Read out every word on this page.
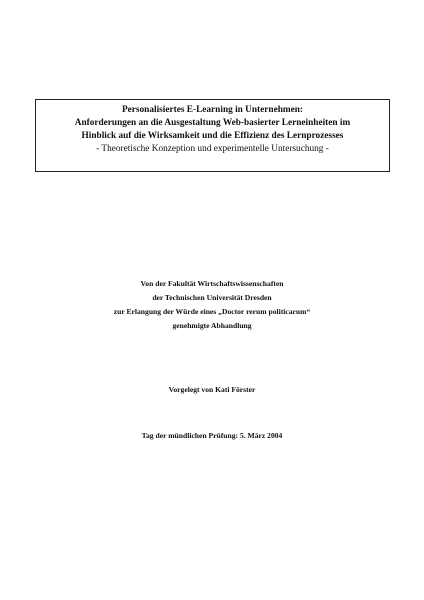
Personalisiertes E-Learning in Unternehmen:
Anforderungen an die Ausgestaltung Web-basierter Lerneinheiten im
Hinblick auf die Wirksamkeit und die Effizienz des Lernprozesses
- Theoretische Konzeption und experimentelle Untersuchung -
Von der Fakultät Wirtschaftswissenschaften
der Technischen Universität Dresden
zur Erlangung der Würde eines „Doctor rerum politicarum“
genehmigte Abhandlung
Vorgelegt von Kati Förster
Tag der mündlichen Prüfung: 5. März 2004
